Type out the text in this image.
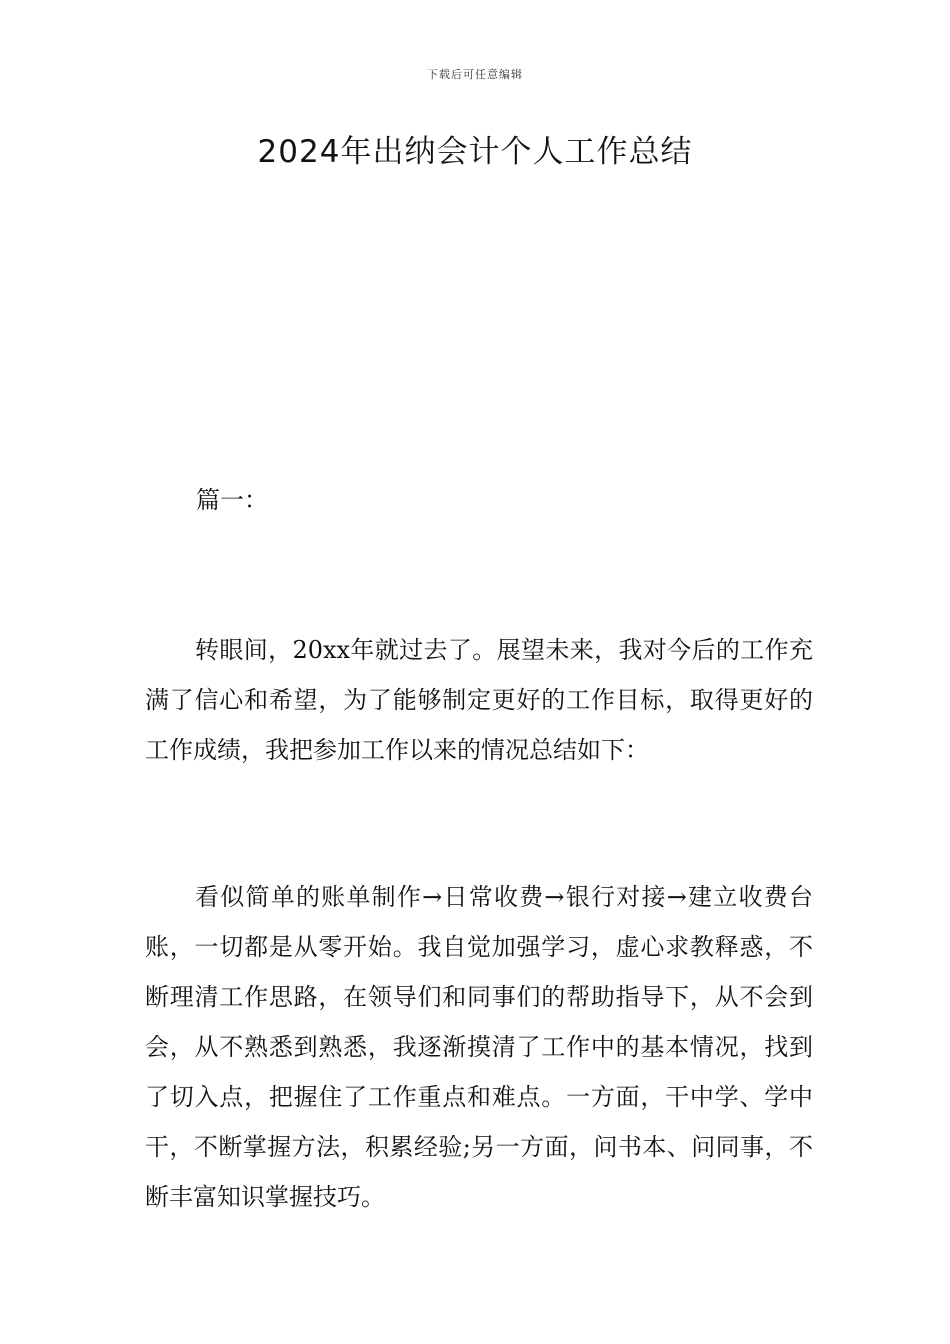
下载后可任意编辑
2024年出纳会计个人工作总结

篇一：

转眼间，20xx年就过去了。展望未来，我对今后的工作充满了信心和希望，为了能够制定更好的工作目标，取得更好的工作成绩，我把参加工作以来的情况总结如下：

看似简单的账单制作→日常收费→银行对接→建立收费台账，一切都是从零开始。我自觉加强学习，虚心求教释惑，不断理清工作思路，在领导们和同事们的帮助指导下，从不会到会，从不熟悉到熟悉，我逐渐摸清了工作中的基本情况，找到了切入点，把握住了工作重点和难点。一方面，干中学、学中干，不断掌握方法，积累经验;另一方面，问书本、问同事，不断丰富知识掌握技巧。
